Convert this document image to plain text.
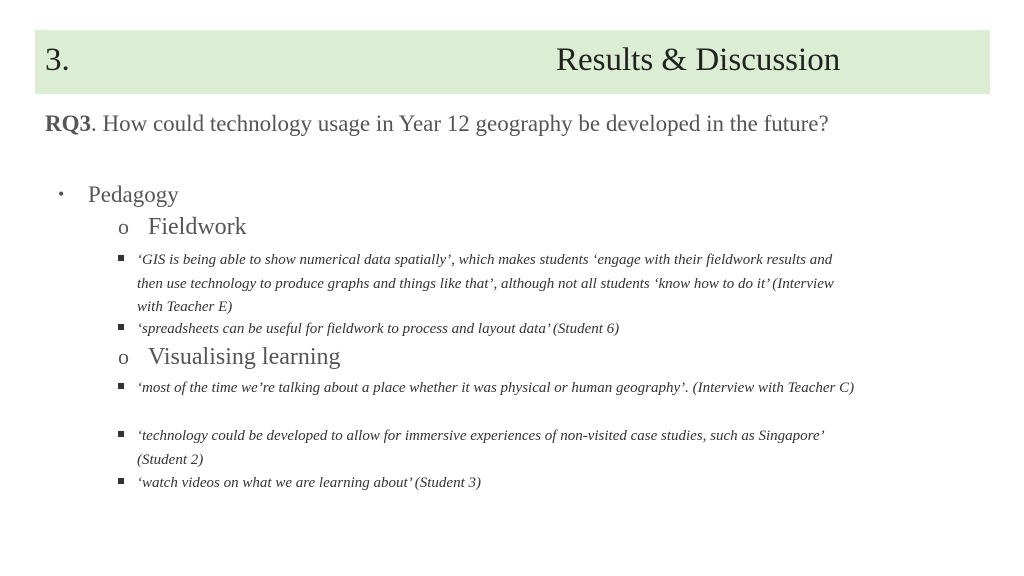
3.	Results & Discussion
RQ3. How could technology usage in Year 12 geography be developed in the future?
• Pedagogy
o Fieldwork
‘GIS is being able to show numerical data spatially’, which makes students ‘engage with their fieldwork results and then use technology to produce graphs and things like that’, although not all students ‘know how to do it’ (Interview with Teacher E)
‘spreadsheets can be useful for fieldwork to process and layout data’ (Student 6)
o Visualising learning
‘most of the time we’re talking about a place whether it was physical or human geography’. (Interview with Teacher C)
‘technology could be developed to allow for immersive experiences of non-visited case studies, such as Singapore’ (Student 2)
‘watch videos on what we are learning about’ (Student 3)
